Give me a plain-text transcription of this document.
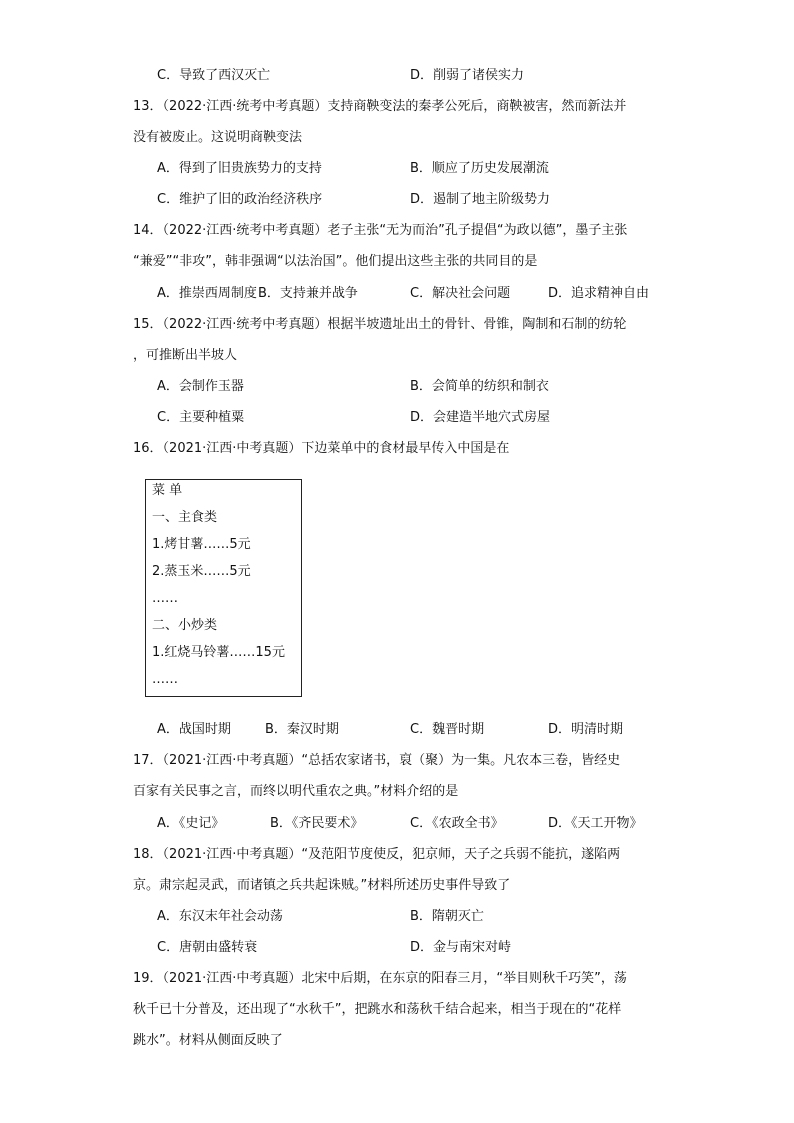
C．导致了西汉灭亡	D．削弱了诸侯实力
13．（2022·江西·统考中考真题）支持商鞅变法的秦孝公死后，商鞅被害，然而新法并
没有被废止。这说明商鞅变法
A．得到了旧贵族势力的支持	B．顺应了历史发展潮流
C．维护了旧的政治经济秩序	D．遏制了地主阶级势力
14．（2022·江西·统考中考真题）老子主张“无为而治”孔子提倡“为政以德”，墨子主张
“兼爱”“非攻”，韩非强调“以法治国”。他们提出这些主张的共同目的是
A．推崇西周制度 B．支持兼并战争	C．解决社会问题	D．追求精神自由
15．（2022·江西·统考中考真题）根据半坡遗址出土的骨针、骨锥，陶制和石制的纺轮
，可推断出半坡人
A．会制作玉器	B．会简单的纺织和制衣
C．主要种植粟	D．会建造半地穴式房屋
16．（2021·江西·中考真题）下边菜单中的食材最早传入中国是在
菜 单
一、主食类
1.烤甘薯……5元
2.蒸玉米……5元
……
二、小炒类
1.红烧马铃薯……15元
……
A．战国时期	B．秦汉时期	C．魏晋时期	D．明清时期
17．（2021·江西·中考真题）“总括农家诸书，裒（聚）为一集。凡农本三卷，皆经史
百家有关民事之言，而终以明代重农之典。”材料介绍的是
A．《史记》	B．《齐民要术》	C．《农政全书》	D．《天工开物》
18．（2021·江西·中考真题）“及范阳节度使反，犯京师，天子之兵弱不能抗，遂陷两
京。肃宗起灵武，而诸镇之兵共起诛贼。”材料所述历史事件导致了
A．东汉末年社会动荡	B．隋朝灭亡
C．唐朝由盛转衰	D．金与南宋对峙
19．（2021·江西·中考真题）北宋中后期，在东京的阳春三月，“举目则秋千巧笑”，荡
秋千已十分普及，还出现了“水秋千”，把跳水和荡秋千结合起来，相当于现在的“花样
跳水”。材料从侧面反映了
